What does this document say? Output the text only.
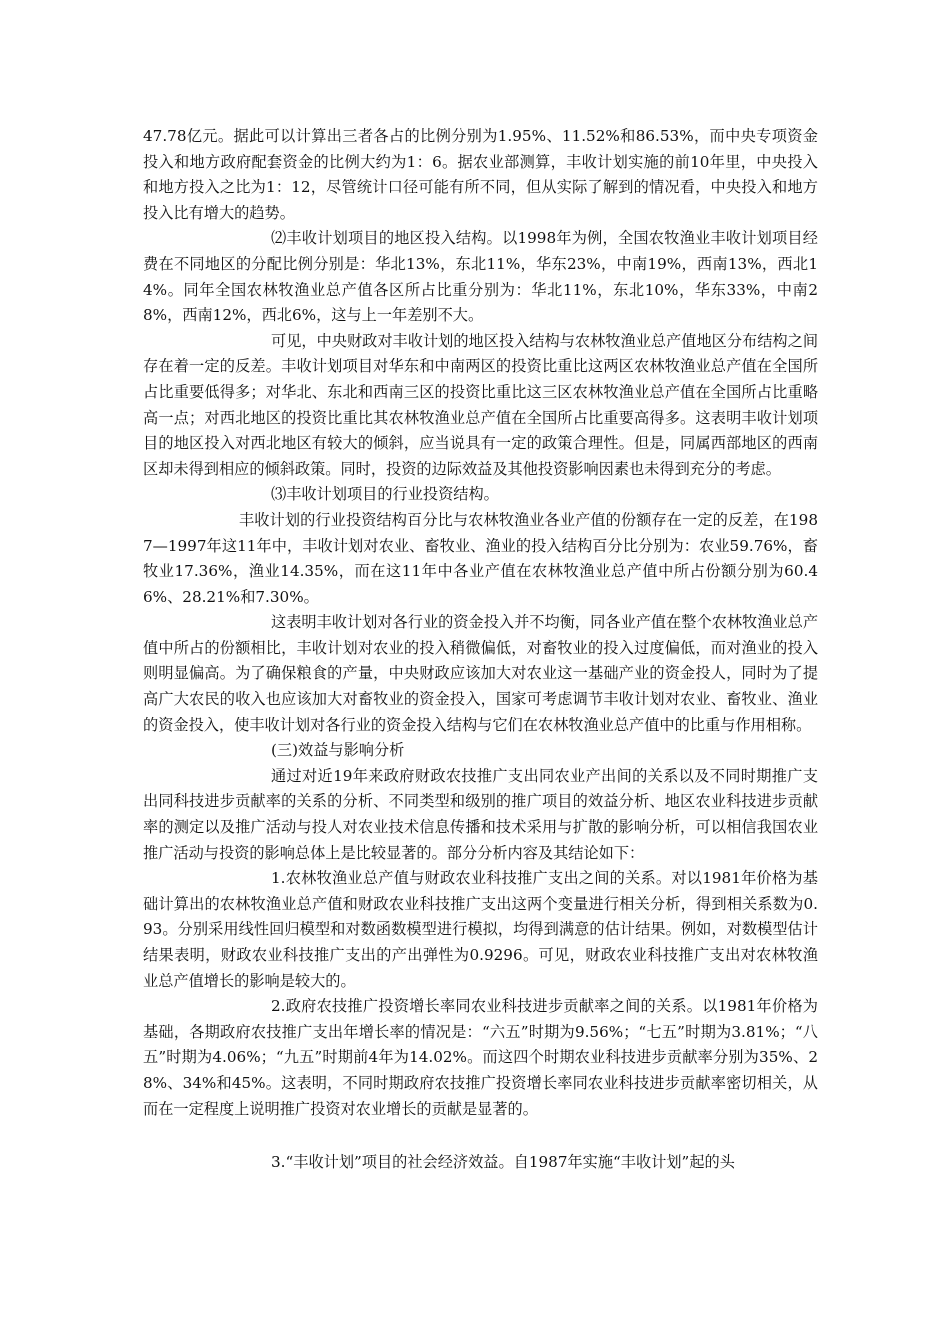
47.78亿元。据此可以计算出三者各占的比例分别为1.95%、11.52%和86.53%，而中央专项资金投入和地方政府配套资金的比例大约为1：6。据农业部测算，丰收计划实施的前10年里，中央投入和地方投入之比为1：12，尽管统计口径可能有所不同，但从实际了解到的情况看，中央投入和地方投入比有增大的趋势。

⑵丰收计划项目的地区投入结构。以1998年为例，全国农牧渔业丰收计划项目经费在不同地区的分配比例分别是：华北13%，东北11%，华东23%，中南19%，西南13%，西北14%。同年全国农林牧渔业总产值各区所占比重分别为：华北11%，东北10%，华东33%，中南28%，西南12%，西北6%，这与上一年差别不大。

可见，中央财政对丰收计划的地区投入结构与农林牧渔业总产值地区分布结构之间存在着一定的反差。丰收计划项目对华东和中南两区的投资比重比这两区农林牧渔业总产值在全国所占比重要低得多；对华北、东北和西南三区的投资比重比这三区农林牧渔业总产值在全国所占比重略高一点；对西北地区的投资比重比其农林牧渔业总产值在全国所占比重要高得多。这表明丰收计划项目的地区投入对西北地区有较大的倾斜，应当说具有一定的政策合理性。但是，同属西部地区的西南区却未得到相应的倾斜政策。同时，投资的边际效益及其他投资影响因素也未得到充分的考虑。

⑶丰收计划项目的行业投资结构。

丰收计划的行业投资结构百分比与农林牧渔业各业产值的份额存在一定的反差，在1987—1997年这11年中，丰收计划对农业、畜牧业、渔业的投入结构百分比分别为：农业59.76%，畜牧业17.36%，渔业14.35%，而在这11年中各业产值在农林牧渔业总产值中所占份额分别为60.46%、28.21%和7.30%。

这表明丰收计划对各行业的资金投入并不均衡，同各业产值在整个农林牧渔业总产值中所占的份额相比，丰收计划对农业的投入稍微偏低，对畜牧业的投入过度偏低，而对渔业的投入则明显偏高。为了确保粮食的产量，中央财政应该加大对农业这一基础产业的资金投人，同时为了提高广大农民的收入也应该加大对畜牧业的资金投入，国家可考虑调节丰收计划对农业、畜牧业、渔业的资金投入，使丰收计划对各行业的资金投入结构与它们在农林牧渔业总产值中的比重与作用相称。

(三)效益与影响分析

通过对近19年来政府财政农技推广支出同农业产出间的关系以及不同时期推广支出同科技进步贡献率的关系的分析、不同类型和级别的推广项目的效益分析、地区农业科技进步贡献率的测定以及推广活动与投人对农业技术信息传播和技术采用与扩散的影响分析，可以相信我国农业推广活动与投资的影响总体上是比较显著的。部分分析内容及其结论如下：

1.农林牧渔业总产值与财政农业科技推广支出之间的关系。对以1981年价格为基础计算出的农林牧渔业总产值和财政农业科技推广支出这两个变量进行相关分析，得到相关系数为0.93。分别采用线性回归模型和对数函数模型进行模拟，均得到满意的估计结果。例如，对数模型估计结果表明，财政农业科技推广支出的产出弹性为0.9296。可见，财政农业科技推广支出对农林牧渔业总产值增长的影响是较大的。

2.政府农技推广投资增长率同农业科技进步贡献率之间的关系。以1981年价格为基础，各期政府农技推广支出年增长率的情况是：“六五”时期为9.56%；“七五”时期为3.81%；“八五”时期为4.06%；“九五”时期前4年为14.02%。而这四个时期农业科技进步贡献率分别为35%、28%、34%和45%。这表明，不同时期政府农技推广投资增长率同农业科技进步贡献率密切相关，从而在一定程度上说明推广投资对农业增长的贡献是显著的。

3.“丰收计划”项目的社会经济效益。自1987年实施“丰收计划”起的头
